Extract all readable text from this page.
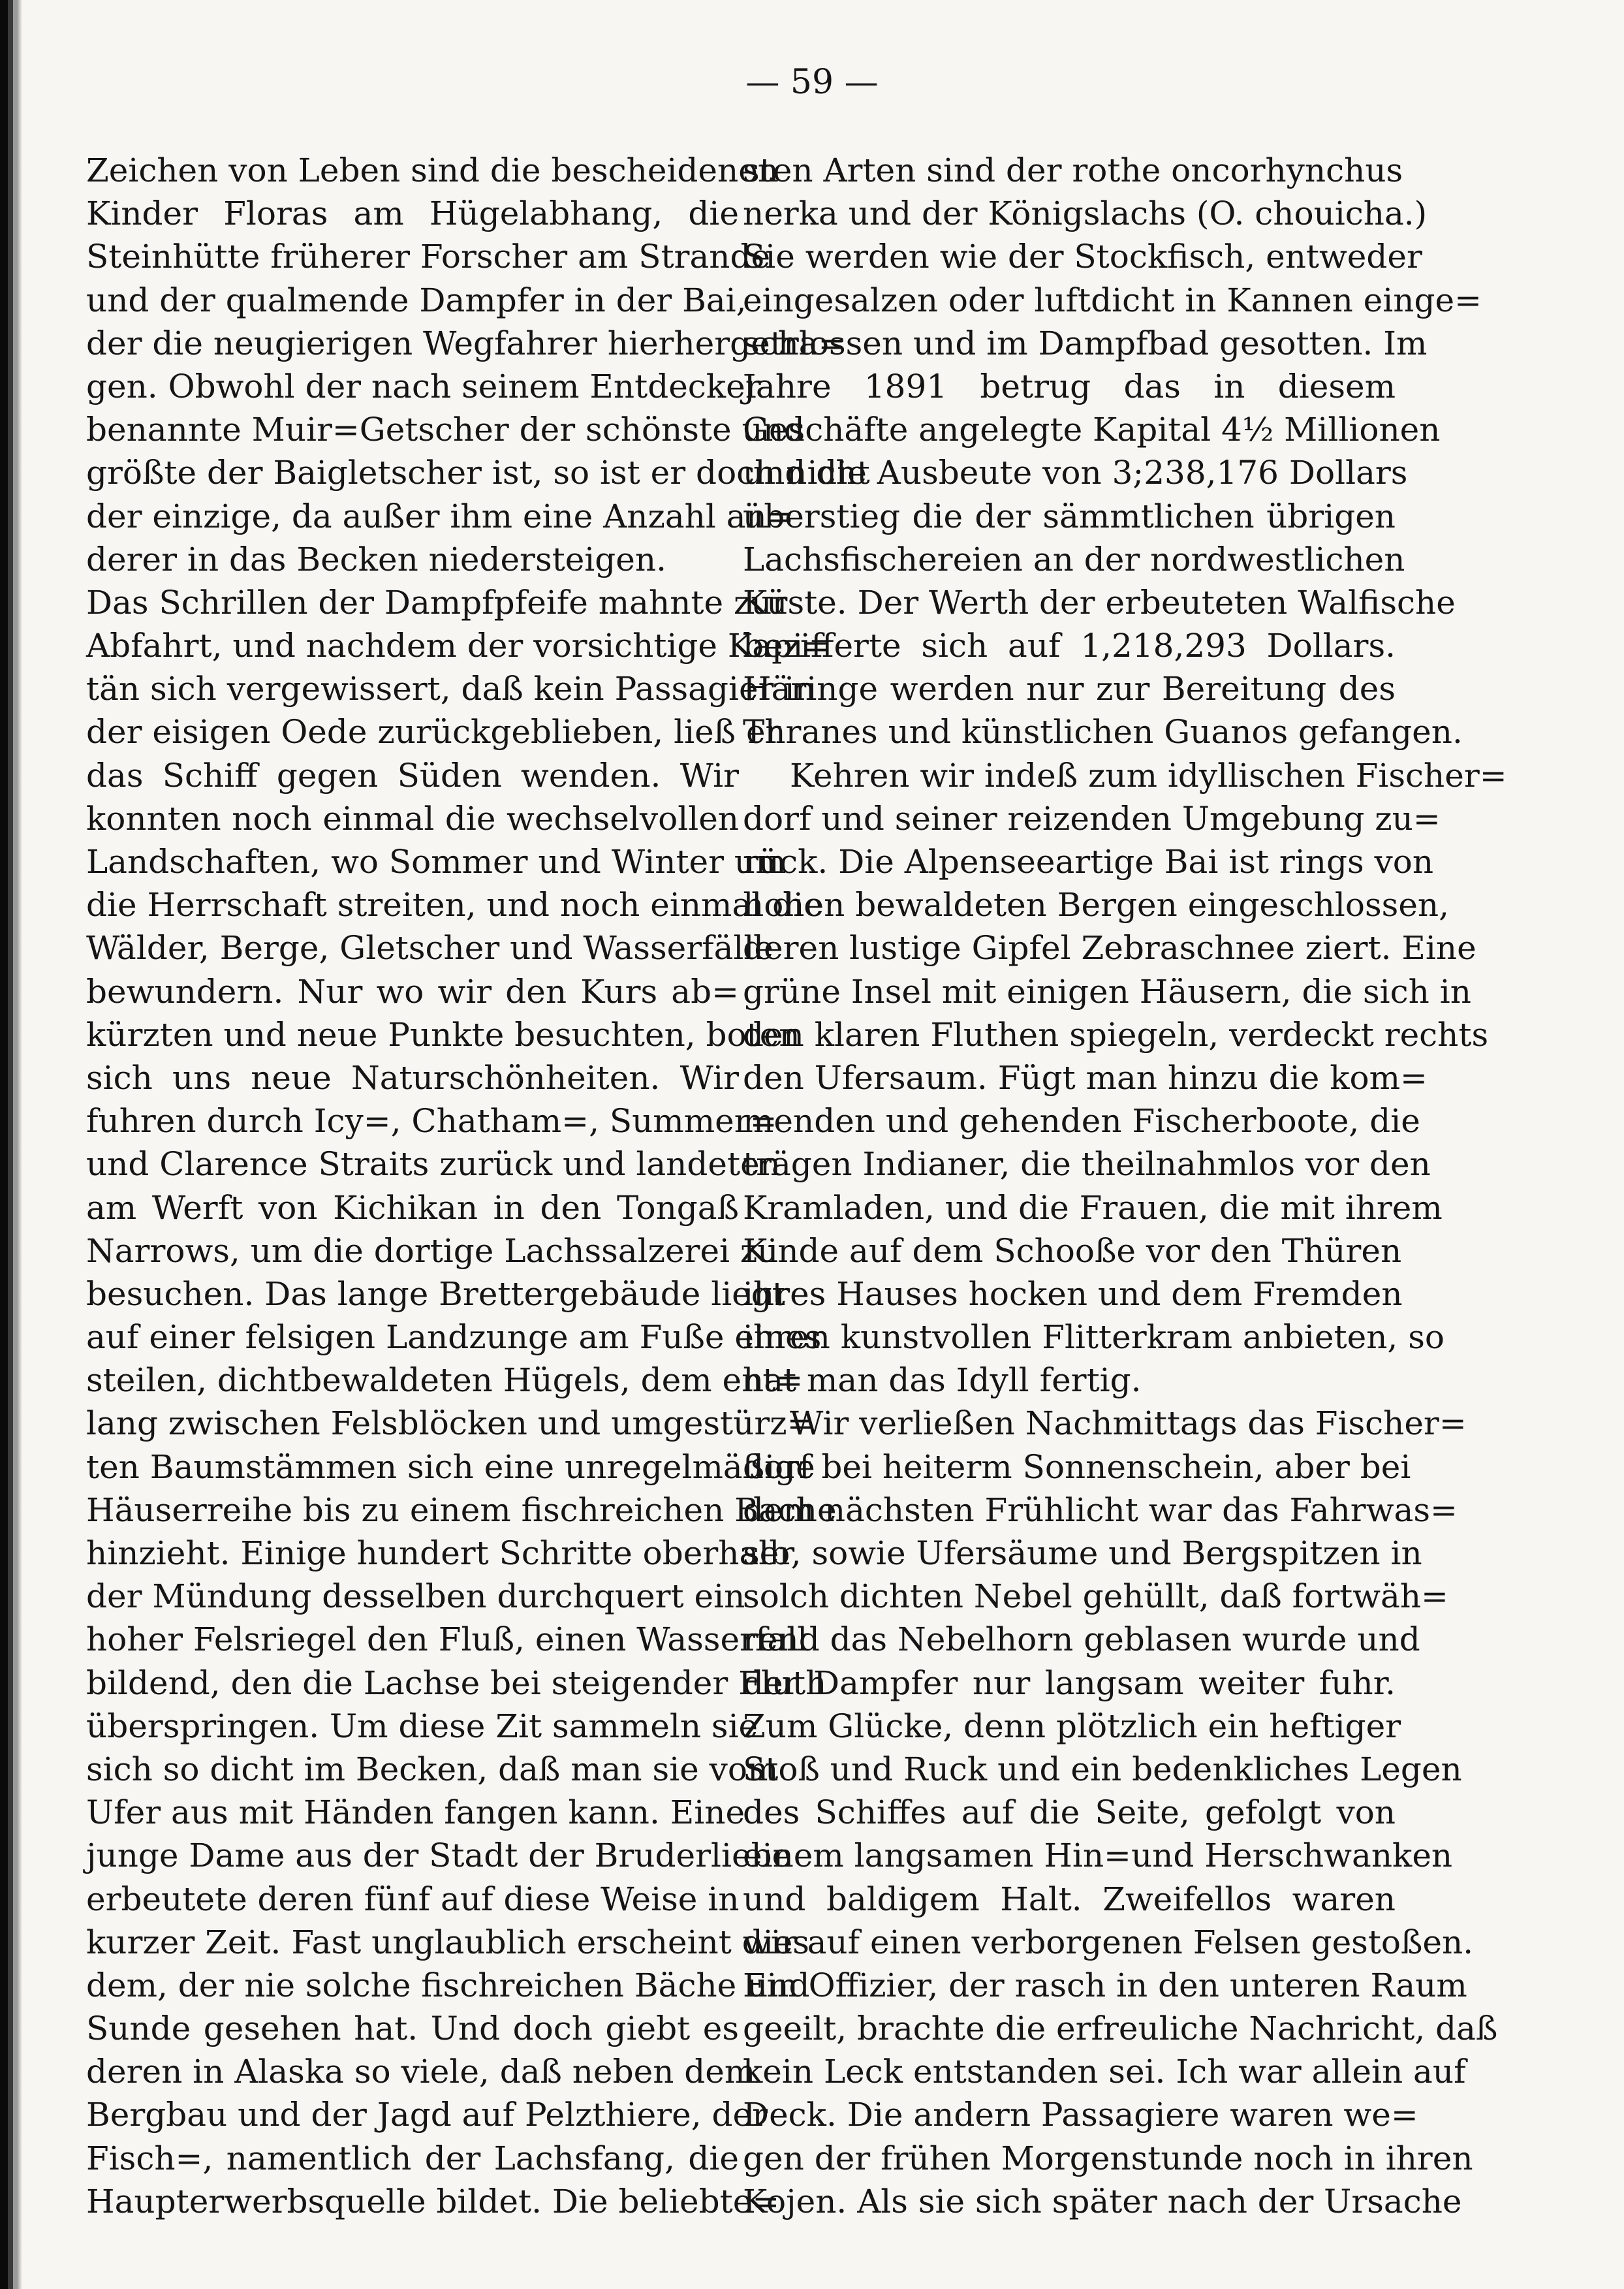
— 59 —
Zeichen von Leben sind die bescheidenen
Kinder Floras am Hügelabhang, die
Steinhütte früherer Forscher am Strande
und der qualmende Dampfer in der Bai,
der die neugierigen Wegfahrer hierhergetra=
gen. Obwohl der nach seinem Entdecker
benannte Muir=Getscher der schönste und
größte der Baigletscher ist, so ist er doch nicht
der einzige, da außer ihm eine Anzahl an=
derer in das Becken niedersteigen.
Das Schrillen der Dampfpfeife mahnte zur
Abfahrt, und nachdem der vorsichtige Kapi=
tän sich vergewissert, daß kein Passagier in
der eisigen Oede zurückgeblieben, ließ er
das Schiff gegen Süden wenden. Wir
konnten noch einmal die wechselvollen
Landschaften, wo Sommer und Winter um
die Herrschaft streiten, und noch einmal die
Wälder, Berge, Gletscher und Wasserfälle
bewundern. Nur wo wir den Kurs ab=
kürzten und neue Punkte besuchten, boten
sich uns neue Naturschönheiten. Wir
fuhren durch Icy=, Chatham=, Summer=
und Clarence Straits zurück und landeten
am Werft von Kichikan in den Tongaß
Narrows, um die dortige Lachssalzerei zu
besuchen. Das lange Brettergebäude liegt
auf einer felsigen Landzunge am Fuße eines
steilen, dichtbewaldeten Hügels, dem ent=
lang zwischen Felsblöcken und umgestürz=
ten Baumstämmen sich eine unregelmäßige
Häuserreihe bis zu einem fischreichen Bache
hinzieht. Einige hundert Schritte oberhalb
der Mündung desselben durchquert ein
hoher Felsriegel den Fluß, einen Wasserfall
bildend, den die Lachse bei steigender Fluth
überspringen. Um diese Zit sammeln sie
sich so dicht im Becken, daß man sie vom
Ufer aus mit Händen fangen kann. Eine
junge Dame aus der Stadt der Bruderliebe
erbeutete deren fünf auf diese Weise in
kurzer Zeit. Fast unglaublich erscheint dies
dem, der nie solche fischreichen Bäche und
Sunde gesehen hat. Und doch giebt es
deren in Alaska so viele, daß neben dem
Bergbau und der Jagd auf Pelzthiere, der
Fisch=, namentlich der Lachsfang, die
Haupterwerbsquelle bildet. Die beliebte=
sten Arten sind der rothe oncorhynchus
nerka und der Königslachs (O. chouicha.)
Sie werden wie der Stockfisch, entweder
eingesalzen oder luftdicht in Kannen einge=
schlossen und im Dampfbad gesotten. Im
Jahre 1891 betrug das in diesem
Geschäfte angelegte Kapital 4½ Millionen
und die Ausbeute von 3;238,176 Dollars
überstieg die der sämmtlichen übrigen
Lachsfischereien an der nordwestlichen
Küste. Der Werth der erbeuteten Walfische
bezifferte sich auf 1,218,293 Dollars.
Häringe werden nur zur Bereitung des
Thranes und künstlichen Guanos gefangen.
Kehren wir indeß zum idyllischen Fischer=
dorf und seiner reizenden Umgebung zu=
rück. Die Alpenseeartige Bai ist rings von
hohen bewaldeten Bergen eingeschlossen,
deren lustige Gipfel Zebraschnee ziert. Eine
grüne Insel mit einigen Häusern, die sich in
den klaren Fluthen spiegeln, verdeckt rechts
den Ufersaum. Fügt man hinzu die kom=
menden und gehenden Fischerboote, die
trägen Indianer, die theilnahmlos vor den
Kramladen, und die Frauen, die mit ihrem
Kinde auf dem Schooße vor den Thüren
ihres Hauses hocken und dem Fremden
ihren kunstvollen Flitterkram anbieten, so
hat man das Idyll fertig.
Wir verließen Nachmittags das Fischer=
dorf bei heiterm Sonnenschein, aber bei
dem nächsten Frühlicht war das Fahrwas=
ser, sowie Ufersäume und Bergspitzen in
solch dichten Nebel gehüllt, daß fortwäh=
rend das Nebelhorn geblasen wurde und
der Dampfer nur langsam weiter fuhr.
Zum Glücke, denn plötzlich ein heftiger
Stoß und Ruck und ein bedenkliches Legen
des Schiffes auf die Seite, gefolgt von
einem langsamen Hin=und Herschwanken
und baldigem Halt. Zweifellos waren
wir auf einen verborgenen Felsen gestoßen.
Ein Offizier, der rasch in den unteren Raum
geeilt, brachte die erfreuliche Nachricht, daß
kein Leck entstanden sei. Ich war allein auf
Deck. Die andern Passagiere waren we=
gen der frühen Morgenstunde noch in ihren
Kojen. Als sie sich später nach der Ursache
